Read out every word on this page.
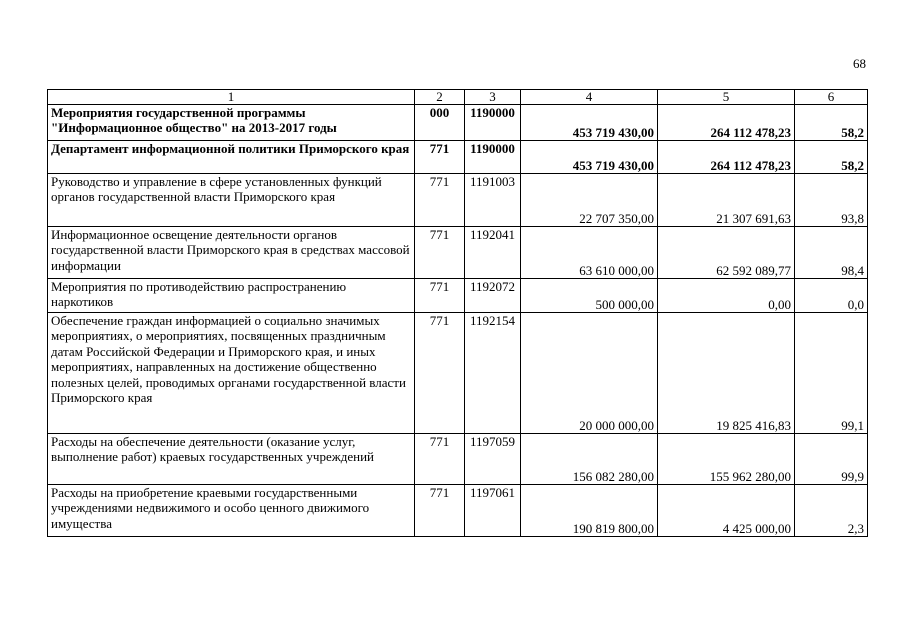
68
1	2	3	4	5	6
Мероприятия государственной программы "Информационное общество" на 2013-2017 годы	000	1190000	453 719 430,00	264 112 478,23	58,2
Департамент информационной политики Приморского края	771	1190000	453 719 430,00	264 112 478,23	58,2
Руководство и управление в сфере установленных функций органов государственной власти Приморского края	771	1191003	22 707 350,00	21 307 691,63	93,8
Информационное освещение деятельности органов государственной власти Приморского края в средствах массовой информации	771	1192041	63 610 000,00	62 592 089,77	98,4
Мероприятия по противодействию распространению наркотиков	771	1192072	500 000,00	0,00	0,0
Обеспечение граждан информацией о социально значимых мероприятиях, о мероприятиях, посвященных праздничным датам Российской Федерации и Приморского края, и иных мероприятиях, направленных на достижение общественно полезных целей, проводимых органами государственной власти Приморского края	771	1192154	20 000 000,00	19 825 416,83	99,1
Расходы на обеспечение деятельности (оказание услуг, выполнение работ) краевых государственных учреждений	771	1197059	156 082 280,00	155 962 280,00	99,9
Расходы на приобретение краевыми государственными учреждениями недвижимого и особо ценного движимого имущества	771	1197061	190 819 800,00	4 425 000,00	2,3
